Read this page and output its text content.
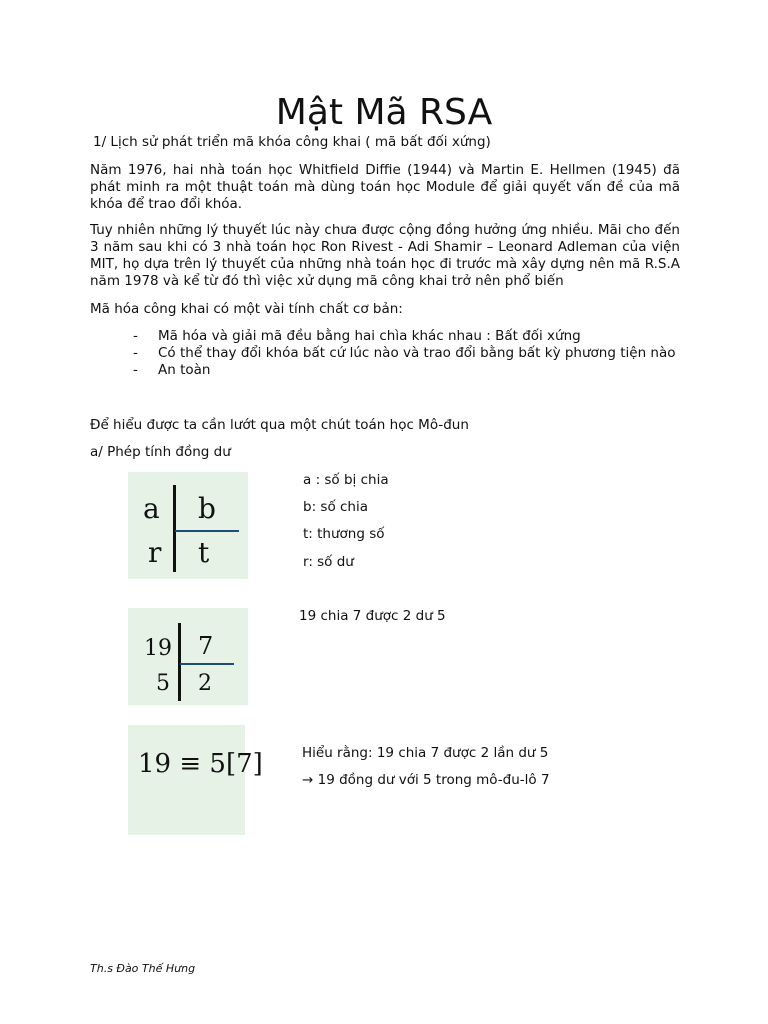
Mật Mã RSA
1/ Lịch sử phát triển mã khóa công khai ( mã bất đối xứng)
Năm 1976, hai nhà toán học Whitfield Diffie (1944) và Martin E. Hellmen (1945) đã phát minh ra một thuật toán mà dùng toán học Module để giải quyết vấn đề của mã khóa để trao đổi khóa.
Tuy nhiên những lý thuyết lúc này chưa được cộng đồng hưởng ứng nhiều. Mãi cho đến 3 năm sau khi có 3 nhà toán học Ron Rivest - Adi Shamir – Leonard Adleman của viện MIT, họ dựa trên lý thuyết của những nhà toán học đi trước mà xây dựng nên mã R.S.A năm 1978 và kể từ đó thì việc xử dụng mã công khai trở nên phổ biến
Mã hóa công khai có một vài tính chất cơ bản:
- Mã hóa và giải mã đều bằng hai chìa khác nhau : Bất đối xứng
- Có thể thay đổi khóa bất cứ lúc nào và trao đổi bằng bất kỳ phương tiện nào
- An toàn
Để hiểu được ta cần lướt qua một chút toán học Mô-đun
a/ Phép tính đồng dư
a b
r t
a : số bị chia
b: số chia
t: thương số
r: số dư
19 7
5 2
19 chia 7 được 2 dư 5
19 ≡ 5[7]	Hiểu rằng: 19 chia 7 được 2 lần dư 5
→ 19 đồng dư với 5 trong mô-đu-lô 7
Th.s Đào Thế Hưng
